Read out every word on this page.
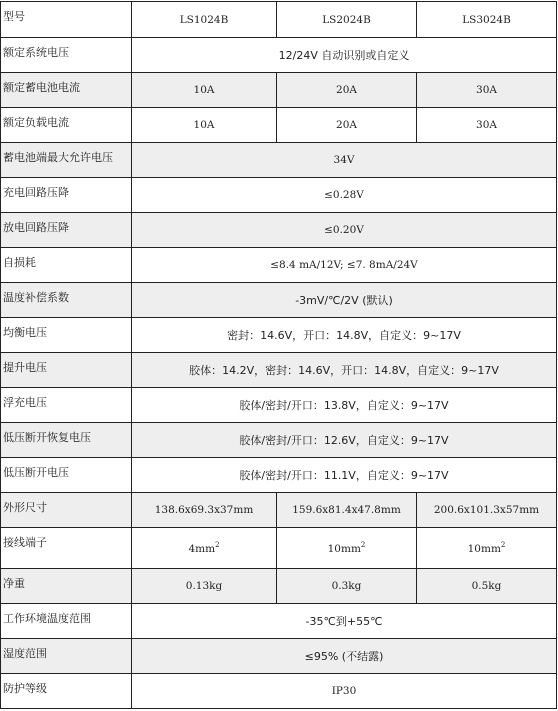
型号	LS1024B	LS2024B	LS3024B
额定系统电压	12/24V 自动识别或自定义		
额定蓄电池电流	10A	20A	30A
额定负载电流	10A	20A	30A
蓄电池端最大允许电压	34V		
充电回路压降	≤0.28V		
放电回路压降	≤0.20V		
自损耗	≤8.4 mA/12V; ≤7. 8mA/24V		
温度补偿系数	-3mV/℃/2V (默认)		
均衡电压	密封：14.6V，开口：14.8V，自定义：9~17V		
提升电压	胶体：14.2V，密封：14.6V，开口：14.8V，自定义：9~17V		
浮充电压	胶体/密封/开口：13.8V，自定义：9~17V		
低压断开恢复电压	胶体/密封/开口：12.6V，自定义：9~17V		
低压断开电压	胶体/密封/开口：11.1V，自定义：9~17V		
外形尺寸	138.6x69.3x37mm	159.6x81.4x47.8mm	200.6x101.3x57mm
接线端子	$4mm^2$	$10mm^2$	$10mm^2$
净重	0.13kg	0.3kg	0.5kg
工作环境温度范围	-35℃到+55℃		
湿度范围	≤95% (不结露)		
防护等级	IP30		
